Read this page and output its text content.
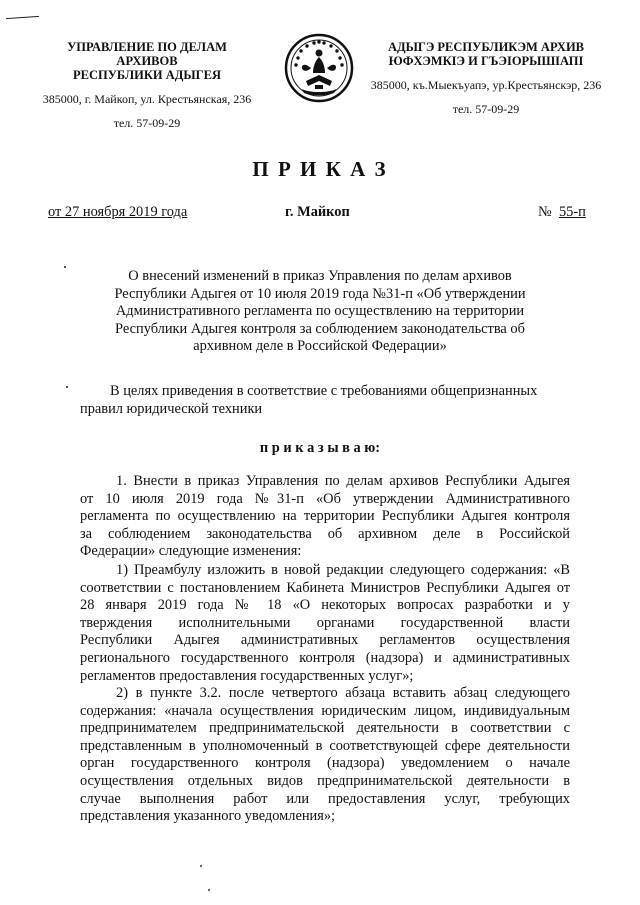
УПРАВЛЕНИЕ ПО ДЕЛАМ АРХИВОВ
РЕСПУБЛИКИ АДЫГЕЯ
385000, г. Майкоп, ул. Крестьянская, 236
тел. 57-09-29
АДЫГЭ РЕСПУБЛИКЭМ АРХИВ
ЮФХЭМКIЭ И ГЪЭIОРЫШIАПI
385000, къ.Мыекъуапэ, ур.Крестьянскэр, 236
тел. 57-09-29
П Р И К А З
от 27 ноября 2019 года	г. Майкоп	№ 55-п
О внесений изменений в приказ Управления по делам архивов
Республики Адыгея от 10 июля 2019 года №31-п «Об утверждении
Административного регламента по осуществлению на территории
Республики Адыгея контроля за соблюдением законодательства об
архивном деле в Российской Федерации»
В целях приведения в соответствие с требованиями общепризнанных
правил юридической техники
п р и к а з ы в а ю:
1. Внести в приказ Управления по делам архивов Республики Адыгея
от 10 июля 2019 года №31-п «Об утверждении Административного
регламента по осуществлению на территории Республики Адыгея контроля
за соблюдением законодательства об архивном деле в Российской
Федерации» следующие изменения:
1) Преамбулу изложить в новой редакции следующего содержания: «В
соответствии с постановлением Кабинета Министров Республики Адыгея от
28 января 2019 года № 18 «О некоторых вопросах разработки и у
тверждения исполнительными органами государственной власти
Республики Адыгея административных регламентов осуществления
регионального государственного контроля (надзора) и административных
регламентов предоставления государственных услуг»;
2) в пункте 3.2. после четвертого абзаца вставить абзац следующего
содержания: «начала осуществления юридическим лицом, индивидуальным
предпринимателем предпринимательской деятельности в соответствии с
представленным в уполномоченный в соответствующей сфере деятельности
орган государственного контроля (надзора) уведомлением о начале
осуществления отдельных видов предпринимательской деятельности в
случае выполнения работ или предоставления услуг, требующих
представления указанного уведомления»;
